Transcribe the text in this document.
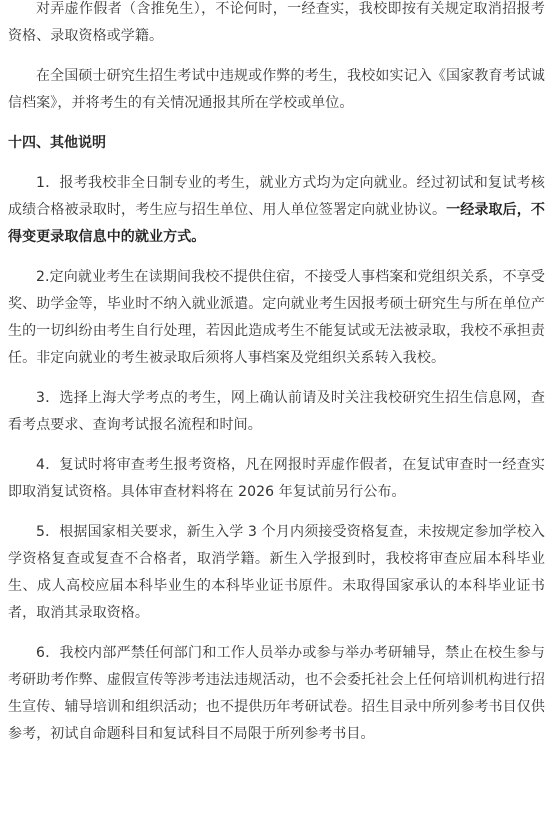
对弄虚作假者（含推免生），不论何时，一经查实，我校即按有关规定取消招报考资格、录取资格或学籍。

在全国硕士研究生招生考试中违规或作弊的考生，我校如实记入《国家教育考试诚信档案》，并将考生的有关情况通报其所在学校或单位。

十四、其他说明

1．报考我校非全日制专业的考生，就业方式均为定向就业。经过初试和复试考核成绩合格被录取时，考生应与招生单位、用人单位签署定向就业协议。一经录取后，不得变更录取信息中的就业方式。

2.定向就业考生在读期间我校不提供住宿，不接受人事档案和党组织关系，不享受奖、助学金等，毕业时不纳入就业派遣。定向就业考生因报考硕士研究生与所在单位产生的一切纠纷由考生自行处理，若因此造成考生不能复试或无法被录取，我校不承担责任。非定向就业的考生被录取后须将人事档案及党组织关系转入我校。

3．选择上海大学考点的考生，网上确认前请及时关注我校研究生招生信息网，查看考点要求、查询考试报名流程和时间。

4．复试时将审查考生报考资格，凡在网报时弄虚作假者，在复试审查时一经查实即取消复试资格。具体审查材料将在 2026 年复试前另行公布。

5．根据国家相关要求，新生入学 3 个月内须接受资格复查，未按规定参加学校入学资格复查或复查不合格者，取消学籍。新生入学报到时，我校将审查应届本科毕业生、成人高校应届本科毕业生的本科毕业证书原件。未取得国家承认的本科毕业证书者，取消其录取资格。

6．我校内部严禁任何部门和工作人员举办或参与举办考研辅导，禁止在校生参与考研助考作弊、虚假宣传等涉考违法违规活动，也不会委托社会上任何培训机构进行招生宣传、辅导培训和组织活动；也不提供历年考研试卷。招生目录中所列参考书目仅供参考，初试自命题科目和复试科目不局限于所列参考书目。
